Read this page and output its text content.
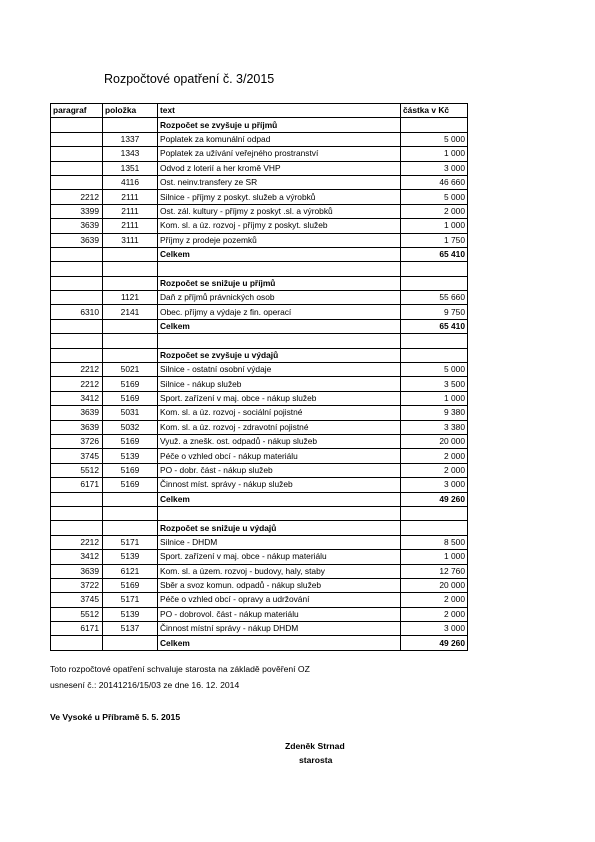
Rozpočtové opatření č. 3/2015
paragraf	položka	text	částka v Kč
		Rozpočet se zvyšuje u příjmů	
	1337	Poplatek za komunální odpad	5 000
	1343	Poplatek za užívání veřejného prostranství	1 000
	1351	Odvod z loterií a her kromě VHP	3 000
	4116	Ost. neinv.transfery ze SR	46 660
2212	2111	Silnice - příjmy z poskyt. služeb a výrobků	5 000
3399	2111	Ost. zál. kultury - příjmy z poskyt .sl. a výrobků	2 000
3639	2111	Kom. sl. a úz. rozvoj - příjmy z poskyt. služeb	1 000
3639	3111	Příjmy z prodeje pozemků	1 750
		Celkem	65 410

		Rozpočet se snižuje u příjmů	
	1121	Daň z příjmů právnických osob	55 660
6310	2141	Obec. příjmy a výdaje z fin. operací	9 750
		Celkem	65 410

		Rozpočet se zvyšuje u výdajů	
2212	5021	Silnice - ostatní osobní výdaje	5 000
2212	5169	Silnice - nákup služeb	3 500
3412	5169	Sport. zařízení v maj. obce - nákup služeb	1 000
3639	5031	Kom. sl. a úz. rozvoj - sociální pojistné	9 380
3639	5032	Kom. sl. a úz. rozvoj - zdravotní pojistné	3 380
3726	5169	Využ. a znešk. ost. odpadů - nákup služeb	20 000
3745	5139	Péče o vzhled obcí - nákup materiálu	2 000
5512	5169	PO - dobr. část - nákup služeb	2 000
6171	5169	Činnost míst. správy - nákup služeb	3 000
		Celkem	49 260

		Rozpočet se snižuje u výdajů	
2212	5171	Silnice - DHDM	8 500
3412	5139	Sport. zařízení v maj. obce - nákup materiálu	1 000
3639	6121	Kom. sl. a územ. rozvoj - budovy, haly, staby	12 760
3722	5169	Sběr a svoz komun. odpadů - nákup služeb	20 000
3745	5171	Péče o vzhled obcí - opravy a udržování	2 000
5512	5139	PO - dobrovol. část - nákup materiálu	2 000
6171	5137	Činnost místní správy - nákup DHDM	3 000
		Celkem	49 260
Toto rozpočtové opatření schvaluje starosta na základě pověření OZ
usnesení č.: 20141216/15/03 ze dne 16. 12. 2014
Ve Vysoké u Příbramě 5. 5. 2015
Zdeněk Strnad
starosta
